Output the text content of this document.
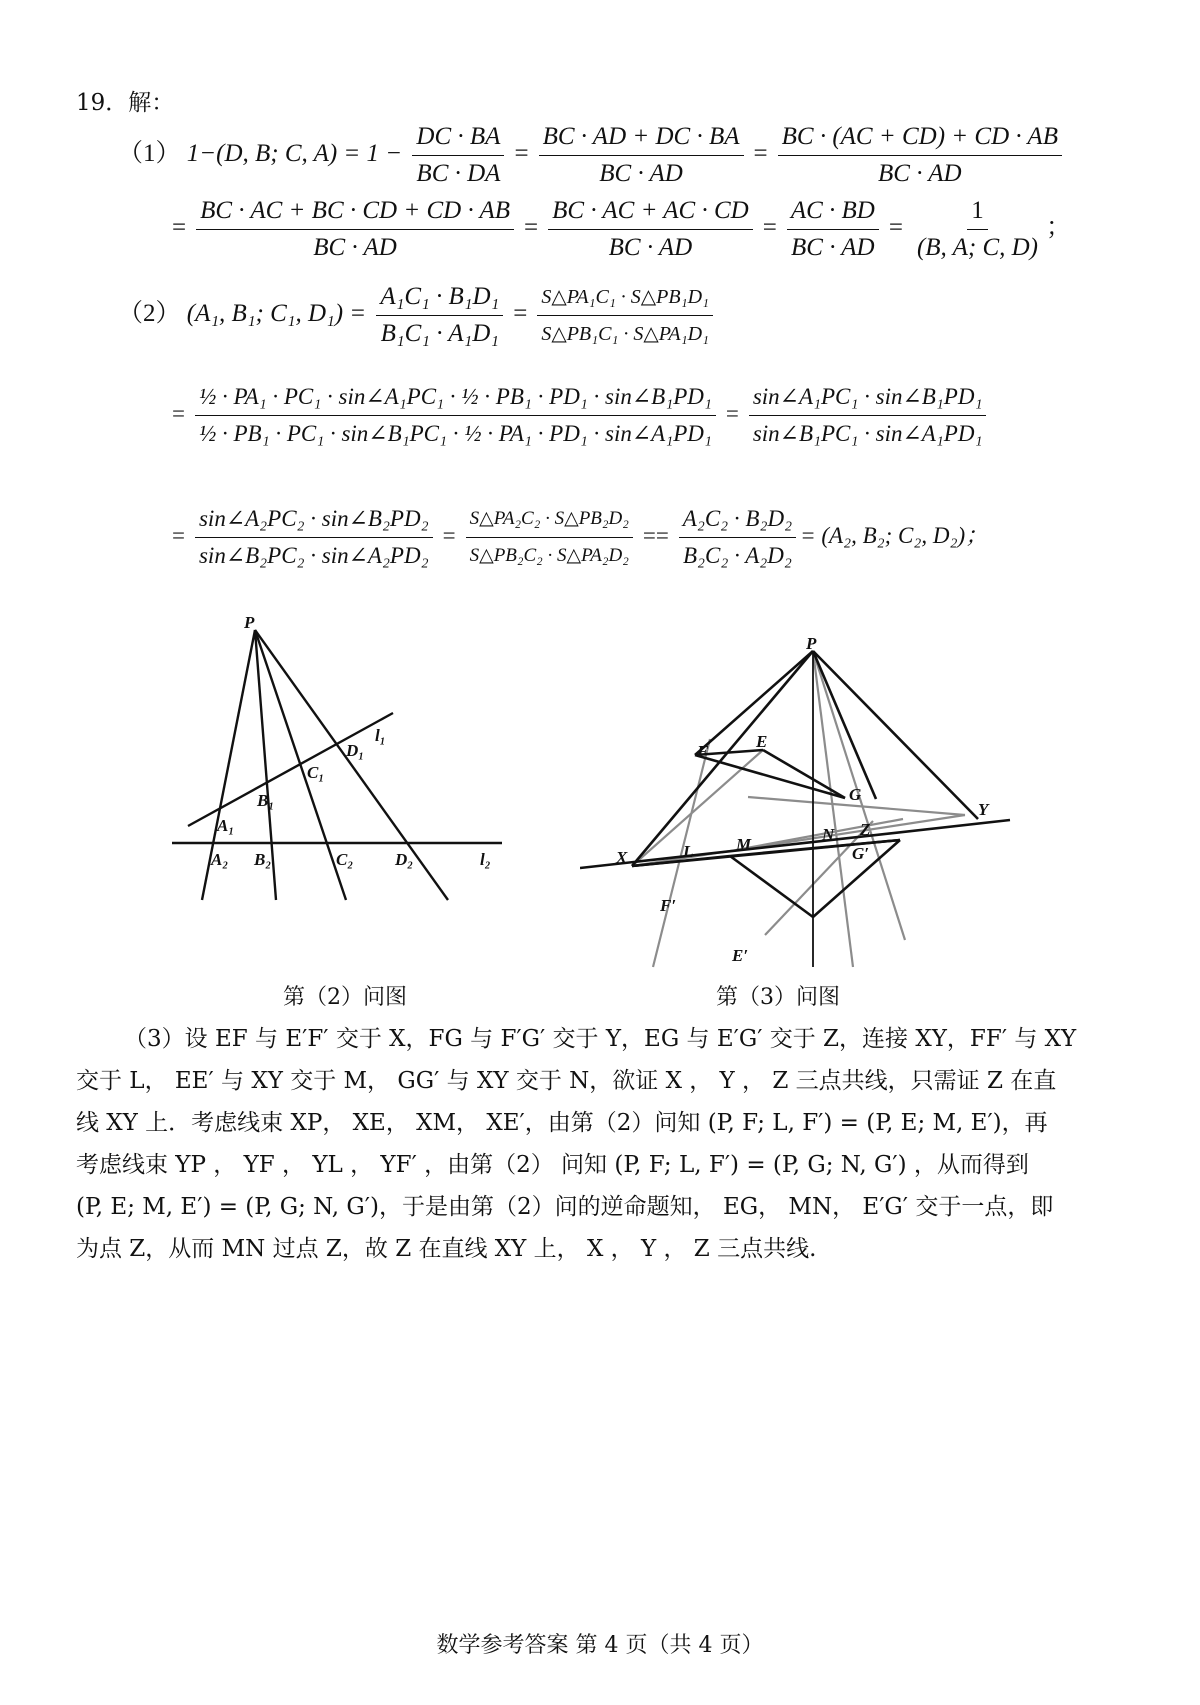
19．解：
（1） 1−(D, B; C, $A) = 1 - \frac{DC \cdot BA}{BC \cdot DA} = \frac{BC \cdot AD + DC \cdot BA}{BC \cdot AD} = \frac{BC \cdot (AC + CD) + CD \cdot AB}{BC \cdot AD}$
= $\frac{BC \cdot AC + BC \cdot CD + CD \cdot AB}{BC \cdot AD} = \frac{BC \cdot AC + AC \cdot CD}{BC \cdot AD} = \frac{AC \cdot BD}{BC \cdot AD} = \frac{1}{(B, A; C, D)}$ ；
（2） (A₁, B₁; C₁, $D_1) = \frac{\text{A₁C₁ · B₁D₁}}{\text{B₁C₁ · A₁D₁}} = \frac{\text{S△PA₁C₁ · S△PB₁D₁}}{\text{S△PB₁C₁ · S△PA₁D₁}}$
= $\frac{\text{½ · PA₁ · PC₁ · sin∠A₁PC₁ · ½ · PB₁ · PD₁ · sin∠B₁PD₁}}{\text{½ · PB₁ · PC₁ · sin∠B₁PC₁ · ½ · PA₁ · PD₁ · sin∠A₁PD₁}} = \frac{\text{sin∠A₁PC₁ · sin∠B₁PD₁}}{\text{sin∠B₁PC₁ · sin∠A₁PD₁}}$
= $\frac{\text{sin∠A₂PC₂ · sin∠B₂PD₂}}{\text{sin∠B₂PC₂ · sin∠A₂PD₂}} = \frac{\text{S△PA₂C₂ · S△PB₂D₂}}{\text{S△PB₂C₂ · S△PA₂D₂}} == \frac{\text{A₂C₂ · B₂D₂}}{\text{B₂C₂ · A₂D₂}} = (A_2$, B₂; C₂, D₂)；
P
A₁
B₁
C₁
D₁
l₁
A₂ B₂	C₂ D₂	l₂
第（2）问图
P
E
F
G
Y
X	L	M
N Z
G′
F′
E′
第（3）问图
（3）设 EF 与 E′F′ 交于 X，FG 与 F′G′ 交于 Y，EG 与 E′G′ 交于 Z，连接 XY，FF′ 与 XY
交于 L， EE′ 与 XY 交于 M， GG′ 与 XY 交于 N，欲证 X ， Y ， Z 三点共线，只需证 Z 在直
线 XY 上．考虑线束 XP， XE， XM， XE′，由第（2）问知 (P, F; L, F′) = (P, E; M, E′)，再
考虑线束 YP ， YF ， YL ， YF′ ，由第（2） 问知 (P, F; L, F′) = (P, G; N, G′) ，从而得到
(P, E; M, E′) = (P, G; N, G′)，于是由第（2）问的逆命题知， EG， MN， E′G′ 交于一点，即
为点 Z，从而 MN 过点 Z，故 Z 在直线 XY 上， X ， Y ， Z 三点共线.
数学参考答案 第 4 页（共 4 页）
